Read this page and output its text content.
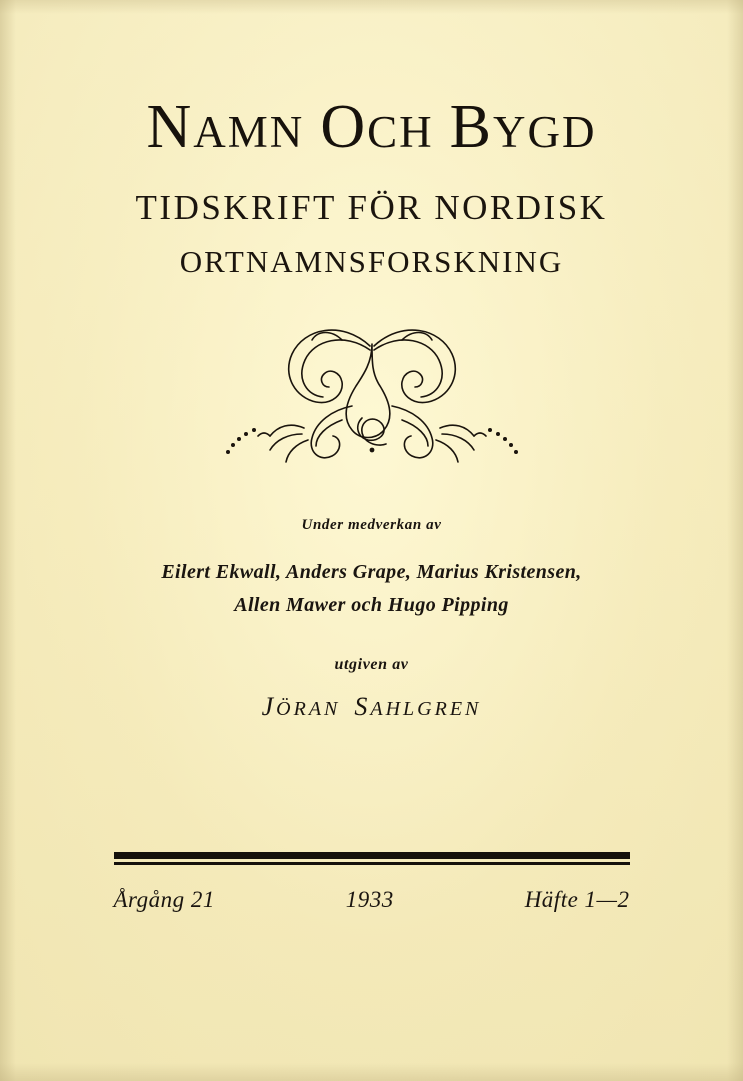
NAMN OCH BYGD
TIDSKRIFT FÖR NORDISK
ORTNAMNSFORSKNING
Under medverkan av
Eilert Ekwall, Anders Grape, Marius Kristensen,
Allen Mawer och Hugo Pipping
utgiven av
JÖRAN SAHLGREN
Årgång 21	1933	Häfte 1—2
